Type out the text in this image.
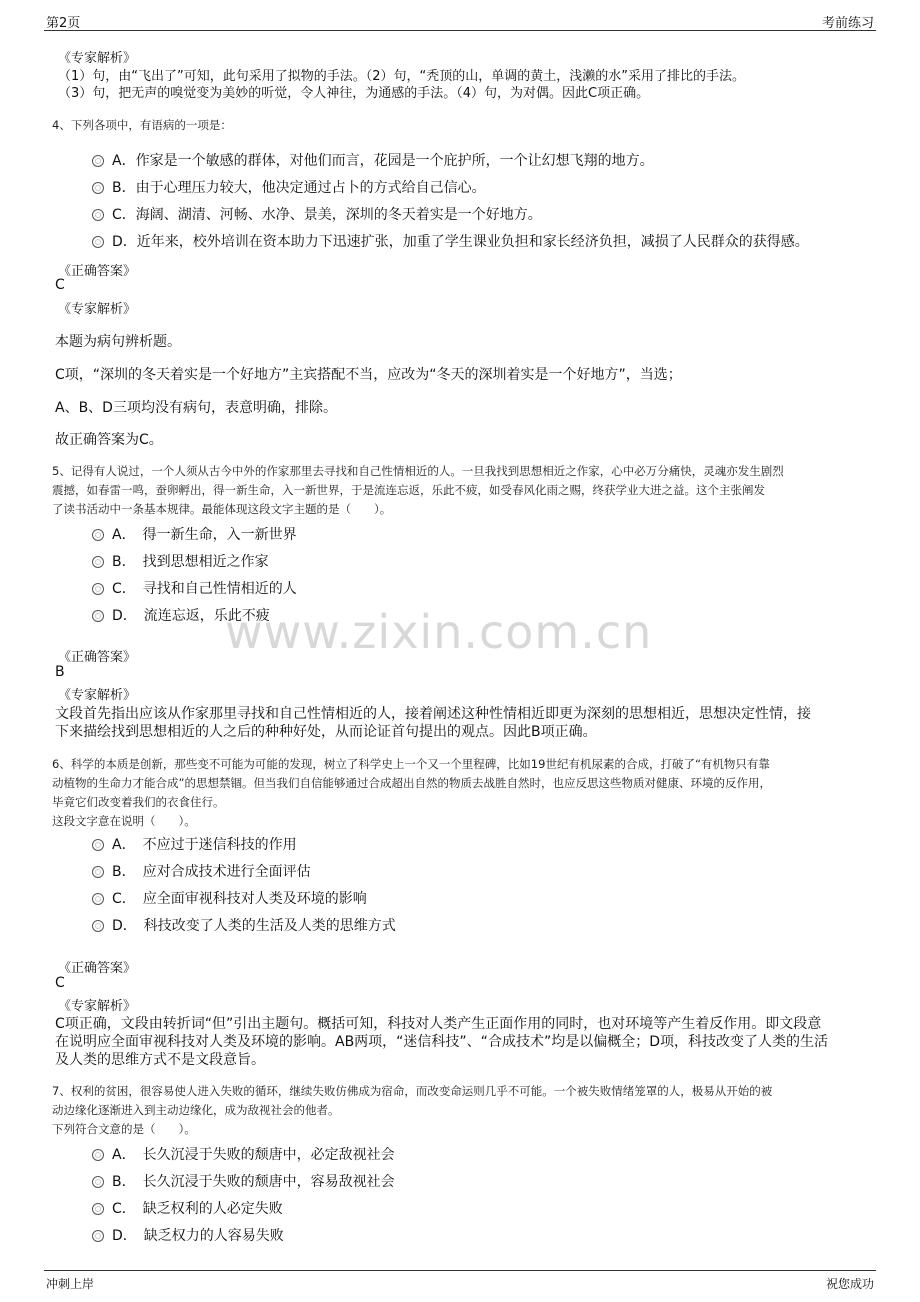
第2页	考前练习
www.zixin.com.cn
《专家解析》
（1）句，由“飞出了”可知，此句采用了拟物的手法。（2）句，“秃顶的山，单调的黄土，浅濑的水”采用了排比的手法。
（3）句，把无声的嗅觉变为美妙的听觉，令人神往，为通感的手法。（4）句，为对偶。因此C项正确。
4、下列各项中，有语病的一项是：
A．作家是一个敏感的群体，对他们而言，花园是一个庇护所，一个让幻想飞翔的地方。
B．由于心理压力较大，他决定通过占卜的方式给自己信心。
C．海阔、湖清、河畅、水净、景美，深圳的冬天着实是一个好地方。
D．近年来，校外培训在资本助力下迅速扩张，加重了学生课业负担和家长经济负担，减损了人民群众的获得感。
《正确答案》
C
《专家解析》
本题为病句辨析题。
C项，“深圳的冬天着实是一个好地方”主宾搭配不当，应改为“冬天的深圳着实是一个好地方”，当选；
A、B、D三项均没有病句，表意明确，排除。
故正确答案为C。
5、记得有人说过，一个人须从古今中外的作家那里去寻找和自己性情相近的人。一旦我找到思想相近之作家，心中必万分痛快，灵魂亦发生剧烈
震撼，如春雷一鸣，蚕卵孵出，得一新生命，入一新世界，于是流连忘返，乐此不疲，如受春风化雨之赐，终获学业大进之益。这个主张阐发
了读书活动中一条基本规律。最能体现这段文字主题的是（　　）。
A．　得一新生命，入一新世界
B．　找到思想相近之作家
C．　寻找和自己性情相近的人
D．　流连忘返，乐此不疲
《正确答案》
B
《专家解析》
文段首先指出应该从作家那里寻找和自己性情相近的人，接着阐述这种性情相近即更为深刻的思想相近，思想决定性情，接
下来描绘找到思想相近的人之后的种种好处，从而论证首句提出的观点。因此B项正确。
6、科学的本质是创新，那些变不可能为可能的发现，树立了科学史上一个又一个里程碑，比如19世纪有机尿素的合成，打破了“有机物只有靠
动植物的生命力才能合成”的思想禁锢。但当我们自信能够通过合成超出自然的物质去战胜自然时，也应反思这些物质对健康、环境的反作用，
毕竟它们改变着我们的衣食住行。
这段文字意在说明（　　）。
A．　不应过于迷信科技的作用
B．　应对合成技术进行全面评估
C．　应全面审视科技对人类及环境的影响
D．　科技改变了人类的生活及人类的思维方式
《正确答案》
C
《专家解析》
C项正确，文段由转折词“但”引出主题句。概括可知，科技对人类产生正面作用的同时，也对环境等产生着反作用。即文段意
在说明应全面审视科技对人类及环境的影响。AB两项，“迷信科技”、“合成技术”均是以偏概全；D项，科技改变了人类的生活
及人类的思维方式不是文段意旨。
7、权利的贫困，很容易使人进入失败的循环，继续失败仿佛成为宿命，而改变命运则几乎不可能。一个被失败情绪笼罩的人，极易从开始的被
动边缘化逐渐进入到主动边缘化，成为敌视社会的他者。
下列符合文意的是（　　）。
A．　长久沉浸于失败的颓唐中，必定敌视社会
B．　长久沉浸于失败的颓唐中，容易敌视社会
C．　缺乏权利的人必定失败
D．　缺乏权力的人容易失败
冲刺上岸	祝您成功
